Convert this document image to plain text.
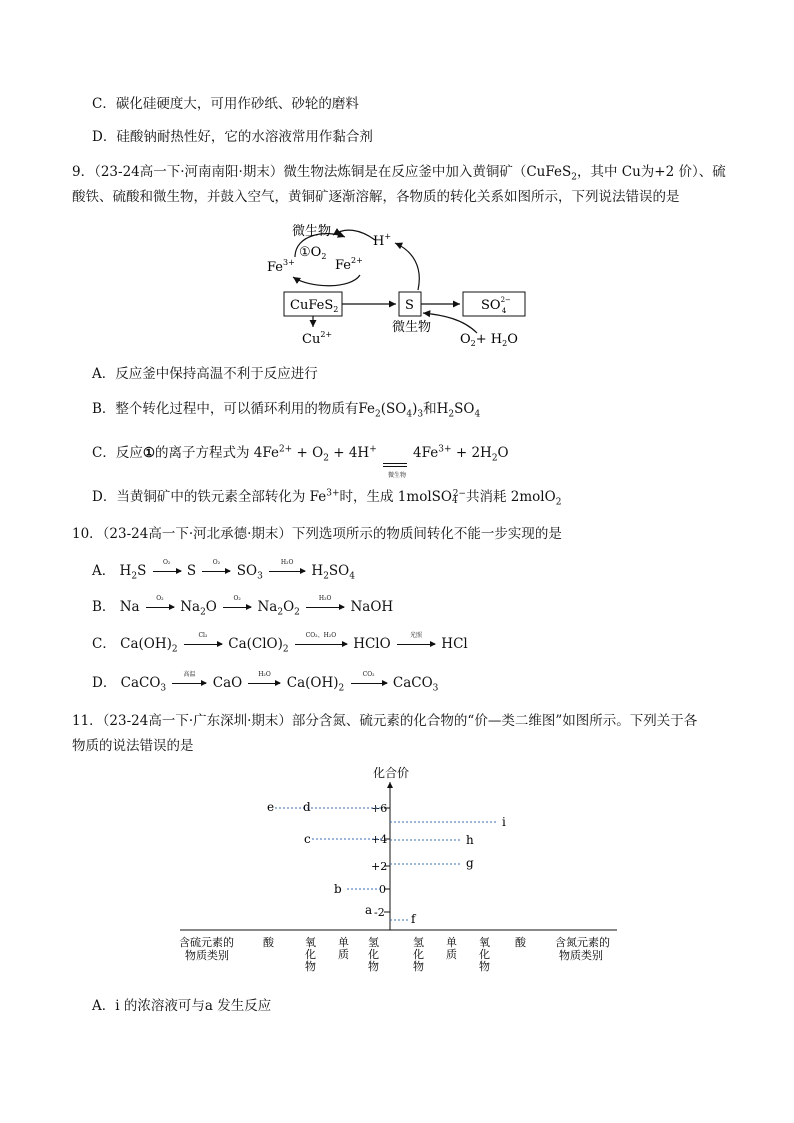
C．碳化硅硬度大，可用作砂纸、砂轮的磨料
D．硅酸钠耐热性好，它的水溶液常用作黏合剂
9．（23-24高一下·河南南阳·期末）微生物法炼铜是在反应釜中加入黄铜矿（CuFeS$_2$，其中 Cu为+2 价）、硫
酸铁、硫酸和微生物，并鼓入空气，黄铜矿逐渐溶解，各物质的转化关系如图所示，下列说法错误的是
微生物
$①O_2$
$Fe^{3+}$	$Fe^{2+}$
H+
CuFeS$_2$	S	$SO^{2-}$ 4
$Cu^{2+}$	微生物
$O_2+ H_2O$
A．反应釜中保持高温不利于反应进行
B．整个转化过程中，可以循环利用的物质有$Fe_2(SO_4)_3$和$H_2SO_4$
C．反应①的离子方程式为 $4Fe^{2+} + O_2 + 4H^+$
微生物
$4Fe^{3+} + 2H_2O$
D．当黄铜矿中的铁元素全部转化为 $Fe^{3+}$时，生成 1molSO$_4^{2-}$共消耗 2molO$_2$
10．（23-24高一下·河北承德·期末）下列选项所示的物质间转化不能一步实现的是
A． $H_2S$
O₂
S
O₂
$SO_3$
H₂O
$H_2SO_4$
B． Na
O₂
$Na_2O$
O₂
$Na_2O_2$
H₂O
NaOH
C． $Ca(OH)_2$
Cl₂
$Ca(ClO)_2$
CO₂、H₂O
HClO
光照
HCl
D． CaCO$_3$
高温
CaO
H₂O
$Ca(OH)_2$
CO₂
CaCO$_3$
11．（23-24高一下·广东深圳·期末）部分含氮、硫元素的化合物的“价—类二维图”如图所示。下列关于各
物质的说法错误的是
化合价
+6
+4
+2
0
-2
e d
c
b
a
i
h
g
f
含硫元素的
物质类别
含氮元素的
物质类别
酸	氧
化
物
单
质
氢
化
物
氢
化
物
单
质
氧
化
物
酸
A．i 的浓溶液可与a 发生反应
